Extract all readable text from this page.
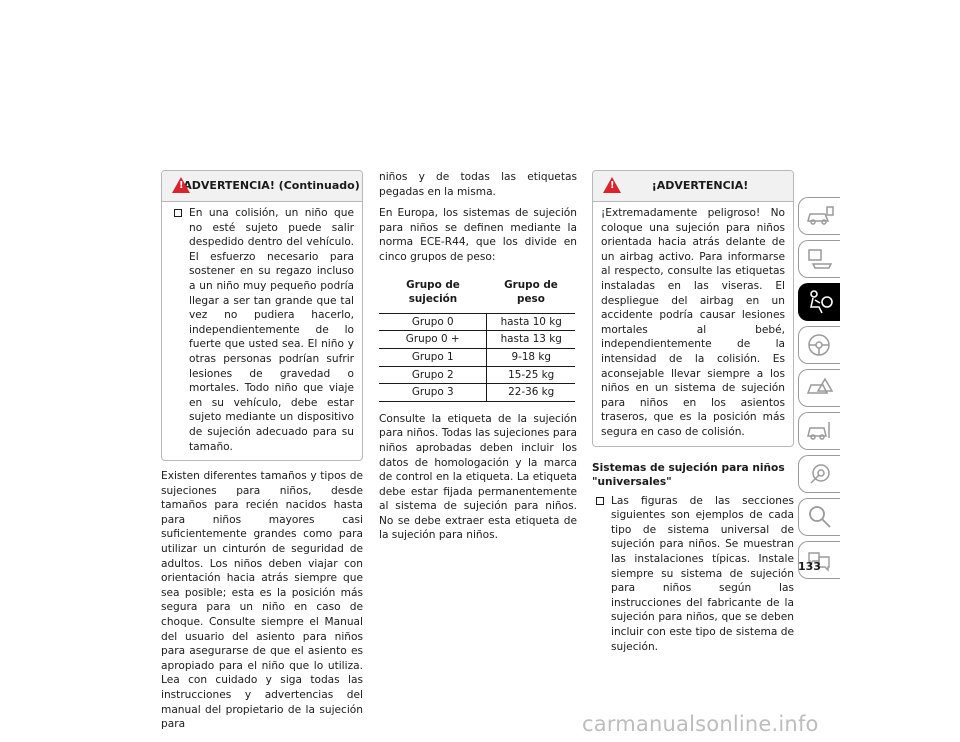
!
¡ADVERTENCIA! (Continuado)
En una colisión, un niño que no esté sujeto puede salir despedido dentro del vehículo. El esfuerzo necesario para sostener en su regazo incluso a un niño muy pequeño podría llegar a ser tan grande que tal vez no pudiera hacerlo, independientemente de lo fuerte que usted sea. El niño y otras personas podrían sufrir lesiones de gravedad o mortales. Todo niño que viaje en su vehículo, debe estar sujeto mediante un dispositivo de sujeción adecuado para su tamaño.

Existen diferentes tamaños y tipos de sujeciones para niños, desde tamaños para recién nacidos hasta para niños mayores casi suficientemente grandes como para utilizar un cinturón de seguridad de adultos. Los niños deben viajar con orientación hacia atrás siempre que sea posible; esta es la posición más segura para un niño en caso de choque. Consulte siempre el Manual del usuario del asiento para niños para asegurarse de que el asiento es apropiado para el niño que lo utiliza. Lea con cuidado y siga todas las instrucciones y advertencias del manual del propietario de la sujeción para

niños y de todas las etiquetas pegadas en la misma.

En Europa, los sistemas de sujeción para niños se definen mediante la norma ECE-R44, que los divide en cinco grupos de peso:

Grupo de sujeción	Grupo de peso
Grupo 0	hasta 10 kg
Grupo 0 +	hasta 13 kg
Grupo 1	9-18 kg
Grupo 2	15-25 kg
Grupo 3	22-36 kg

Consulte la etiqueta de la sujeción para niños. Todas las sujeciones para niños aprobadas deben incluir los datos de homologación y la marca de control en la etiqueta. La etiqueta debe estar fijada permanentemente al sistema de sujeción para niños. No se debe extraer esta etiqueta de la sujeción para niños.

!
¡ADVERTENCIA!
¡Extremadamente peligroso! No coloque una sujeción para niños orientada hacia atrás delante de un airbag activo. Para informarse al respecto, consulte las etiquetas instaladas en las viseras. El despliegue del airbag en un accidente podría causar lesiones mortales al bebé, independientemente de la intensidad de la colisión. Es aconsejable llevar siempre a los niños en un sistema de sujeción para niños en los asientos traseros, que es la posición más segura en caso de colisión.
Sistemas de sujeción para niños "universales"
Las figuras de las secciones siguientes son ejemplos de cada tipo de sistema universal de sujeción para niños. Se muestran las instalaciones típicas. Instale siempre su sistema de sujeción para niños según las instrucciones del fabricante de la sujeción para niños, que se deben incluir con este tipo de sistema de sujeción.
133
carmanualsonline.info
